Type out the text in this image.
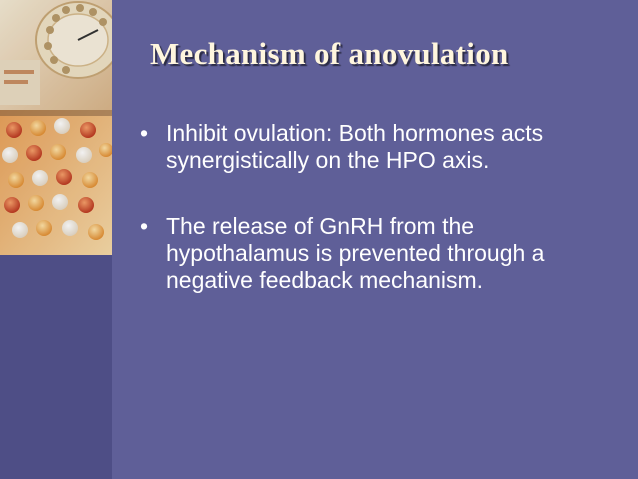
Mechanism of anovulation
• Inhibit ovulation: Both hormones acts synergistically on the HPO axis.
• The release of GnRH from the hypothalamus is prevented through a negative feedback mechanism.
